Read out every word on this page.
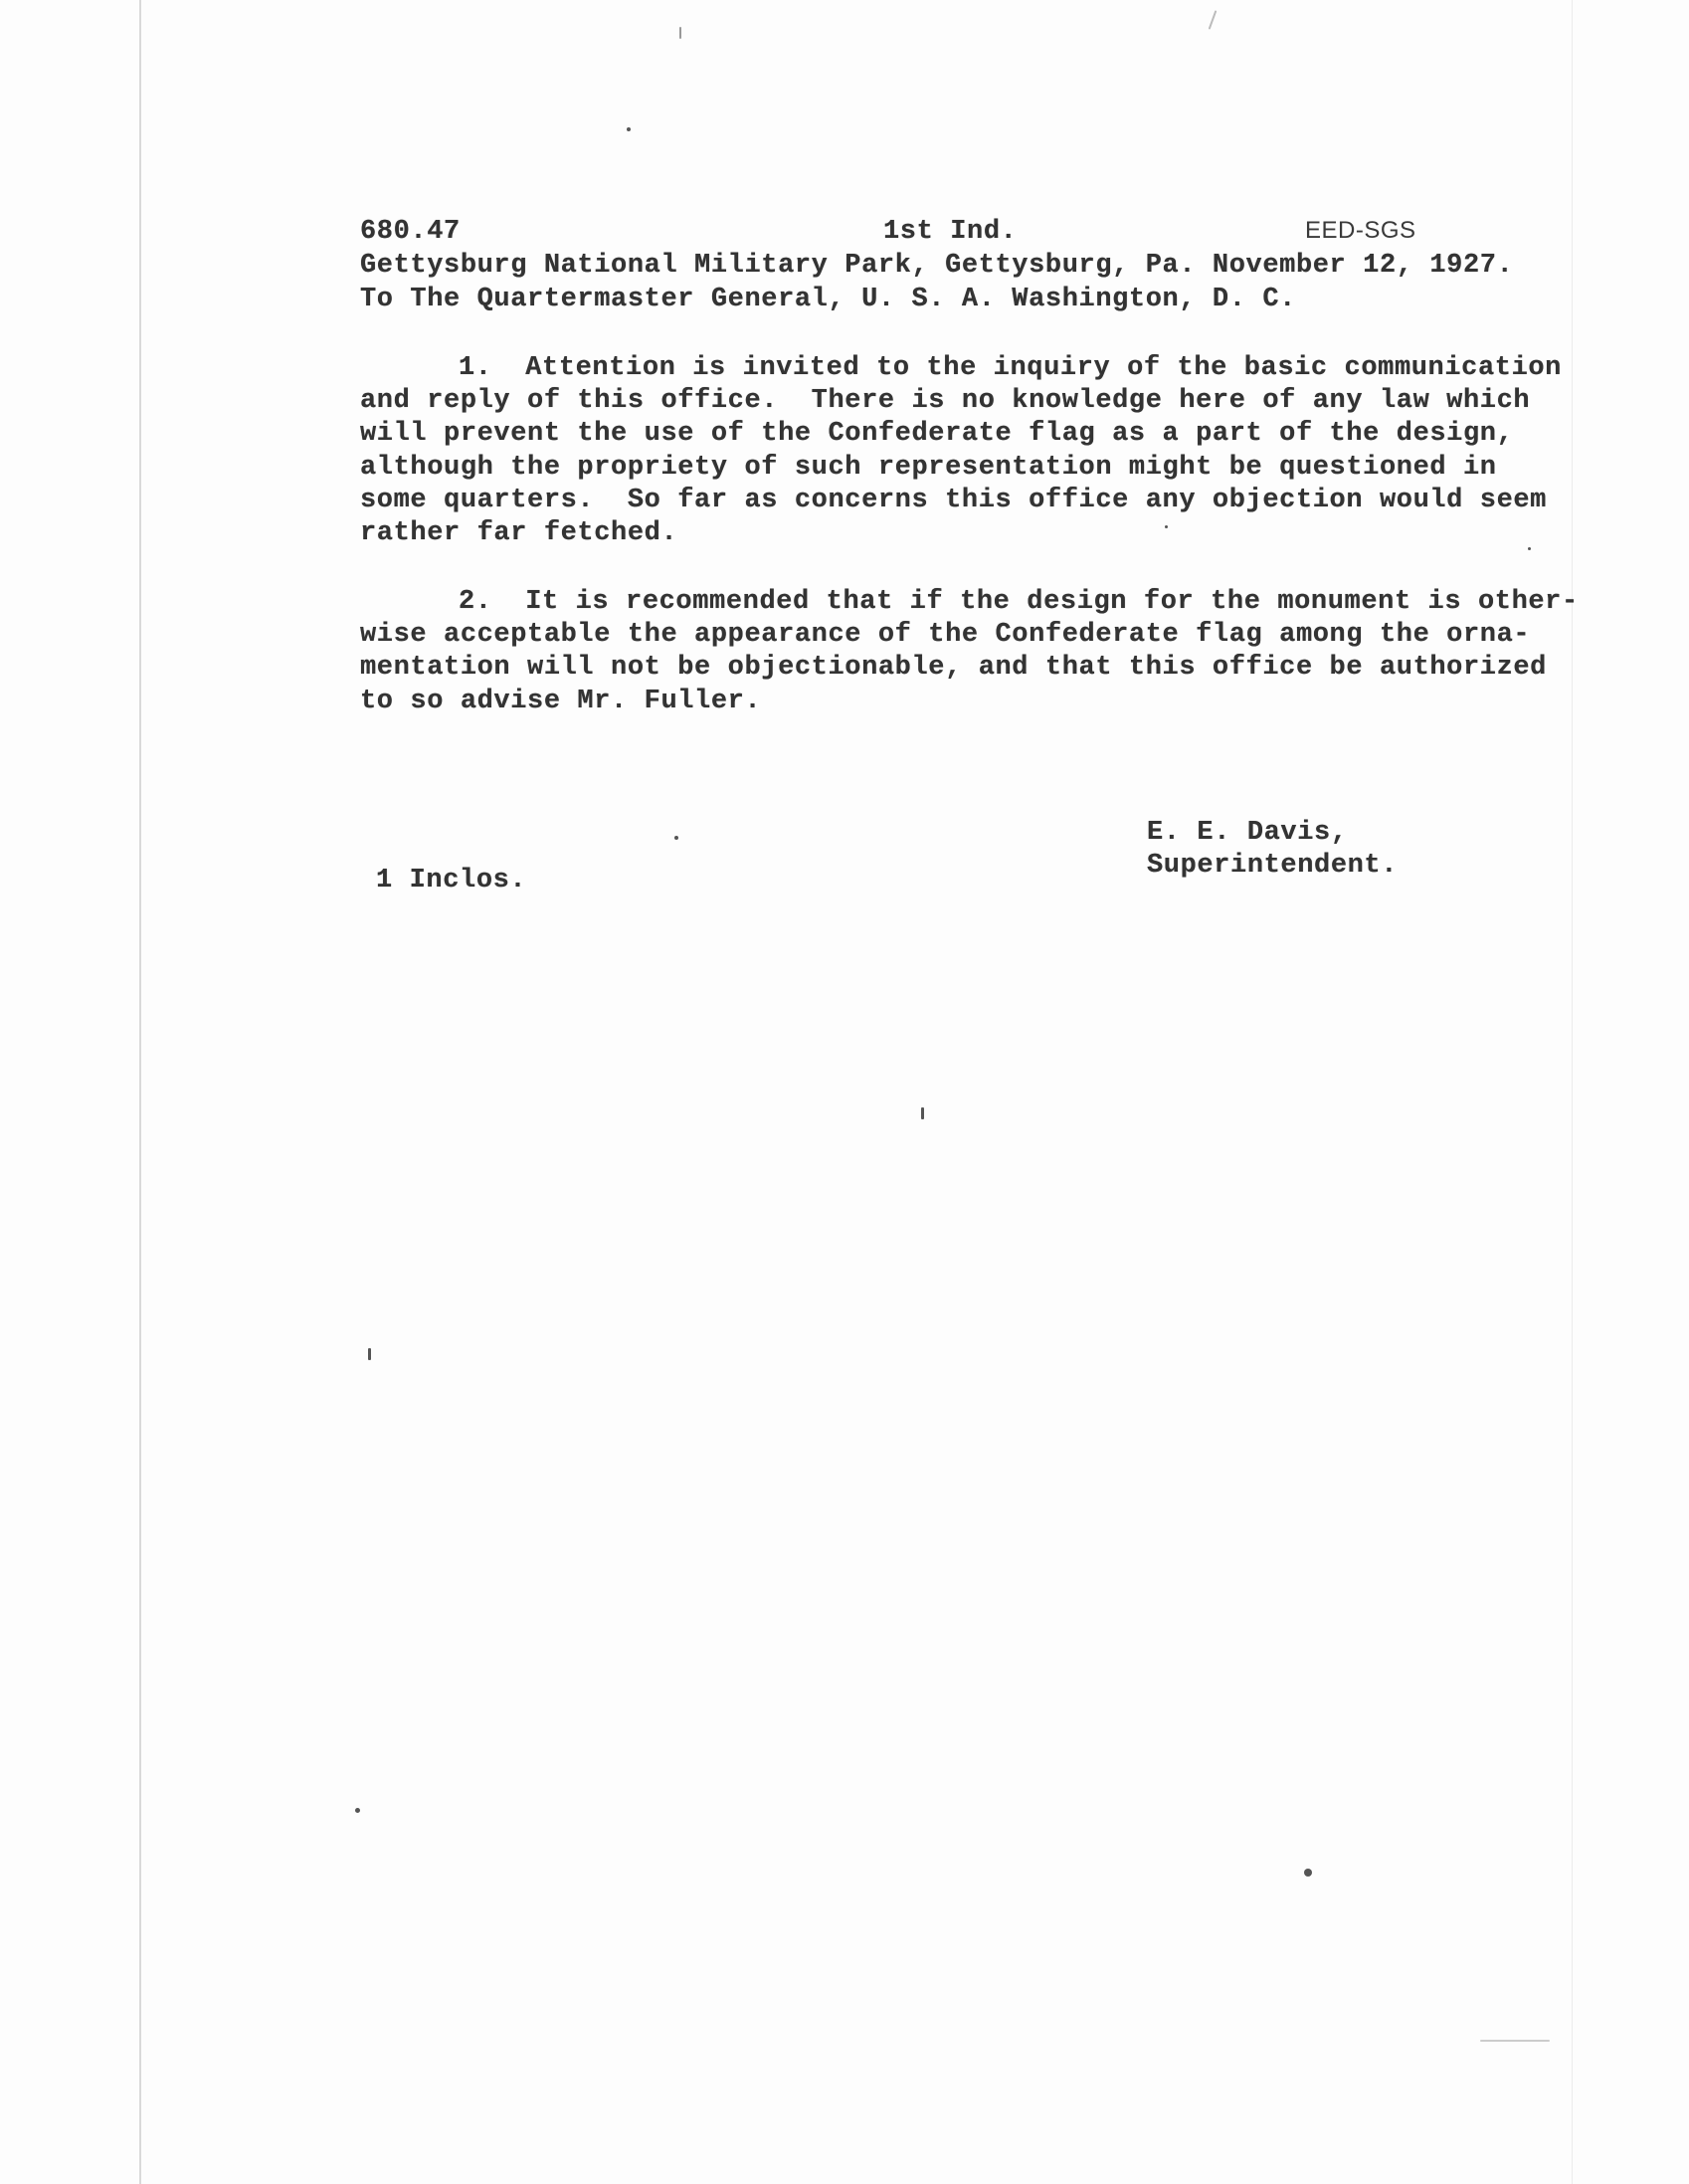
680.47	1st Ind.	EED-SGS
Gettysburg National Military Park, Gettysburg, Pa. November 12, 1927.
To The Quartermaster General, U. S. A. Washington, D. C.
1.  Attention is invited to the inquiry of the basic communication
and reply of this office.  There is no knowledge here of any law which
will prevent the use of the Confederate flag as a part of the design,
although the propriety of such representation might be questioned in
some quarters.  So far as concerns this office any objection would seem
rather far fetched.
2.  It is recommended that if the design for the monument is other-
wise acceptable the appearance of the Confederate flag among the orna-
mentation will not be objectionable, and that this office be authorized
to so advise Mr. Fuller.
E. E. Davis,
Superintendent.
1 Inclos.
